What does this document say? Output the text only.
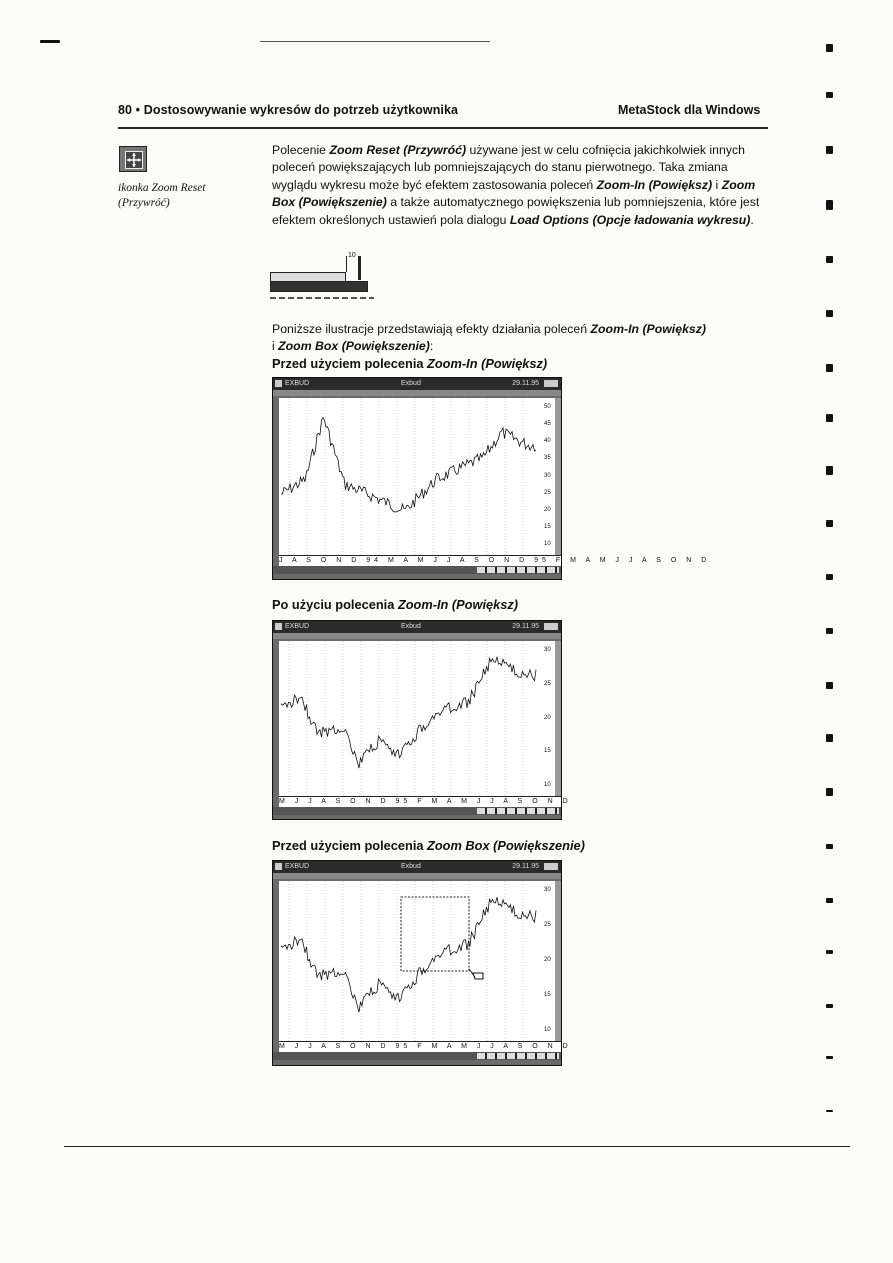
80 • Dostosowywanie wykresów do potrzeb użytkownika	MetaStock dla Windows
ikonka Zoom Reset
(Przywróć)
Polecenie Zoom Reset (Przywróć) używane jest w celu cofnięcia jakichkolwiek innych poleceń powiększających lub pomniejszających do stanu pierwotnego. Taka zmiana wyglądu wykresu może być efektem zastosowania poleceń Zoom-In (Powiększ) i Zoom Box (Powiększenie) a także automatycznego powiększenia lub pomniejszenia, które jest efektem określonych ustawień pola dialogu Load Options (Opcje ładowania wykresu).
10
Poniższe ilustracje przedstawiają efekty działania poleceń Zoom-In (Powiększ)
i Zoom Box (Powiększenie):
Przed użyciem polecenia Zoom-In (Powiększ)
EXBUD	Exbud	29.11.95
50
45
40
35
30
25
20
15
10
J A S O N D 94 M A M J J A S O N D 95 F M A M J J A S O N D
Po użyciu polecenia Zoom-In (Powiększ)
EXBUD	Exbud	29.11.95
30
25
20
15
10
M J J A S O N D 95 F M A M J J A S O N D
Przed użyciem polecenia Zoom Box (Powiększenie)
EXBUD	Exbud	29.11.95
30
25
20
15
10
M J J A S O N D 95 F M A M J J A S O N D
